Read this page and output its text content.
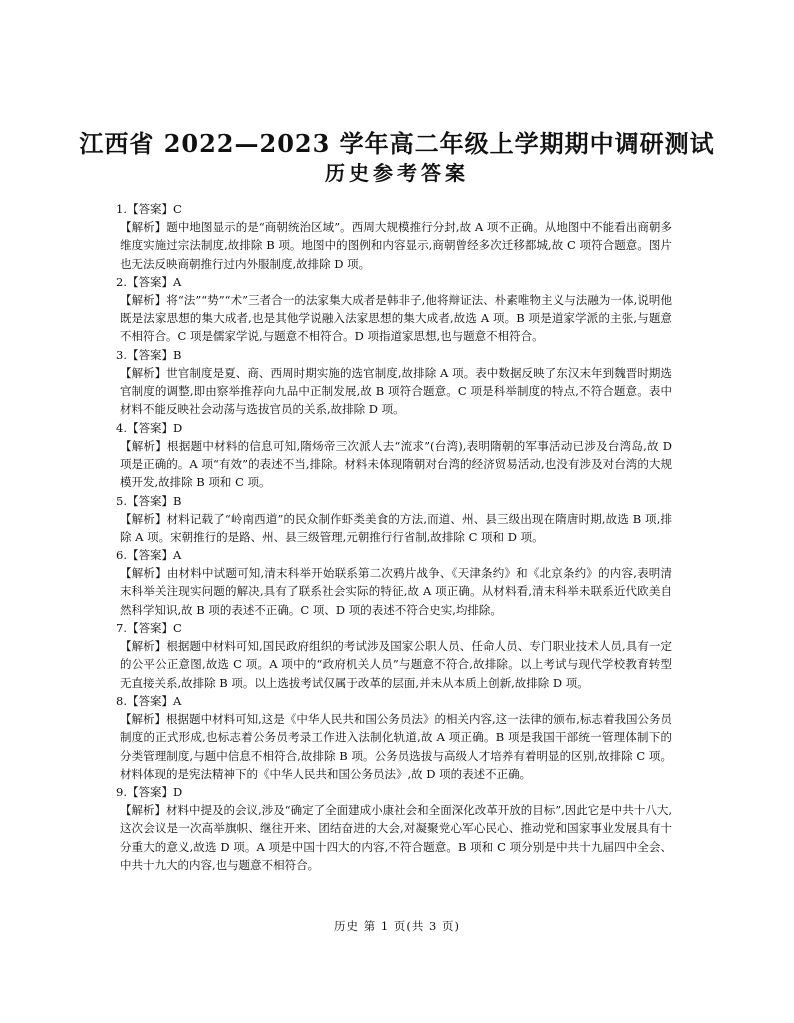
江西省 2022—2023 学年高二年级上学期期中调研测试
历史参考答案
1.【答案】C
【解析】题中地图显示的是“商朝统治区域”。西周大规模推行分封,故 A 项不正确。从地图中不能看出商朝多维度实施过宗法制度,故排除 B 项。地图中的图例和内容显示,商朝曾经多次迁移都城,故 C 项符合题意。图片也无法反映商朝推行过内外服制度,故排除 D 项。
2.【答案】A
【解析】将“法”“势”“术”三者合一的法家集大成者是韩非子,他将辩证法、朴素唯物主义与法融为一体,说明他既是法家思想的集大成者,也是其他学说融入法家思想的集大成者,故选 A 项。B 项是道家学派的主张,与题意不相符合。C 项是儒家学说,与题意不相符合。D 项指道家思想,也与题意不相符合。
3.【答案】B
【解析】世官制度是夏、商、西周时期实施的选官制度,故排除 A 项。表中数据反映了东汉末年到魏晋时期选官制度的调整,即由察举推荐向九品中正制发展,故 B 项符合题意。C 项是科举制度的特点,不符合题意。表中材料不能反映社会动荡与选拔官员的关系,故排除 D 项。
4.【答案】D
【解析】根据题中材料的信息可知,隋炀帝三次派人去“流求”(台湾),表明隋朝的军事活动已涉及台湾岛,故 D 项是正确的。A 项“有效”的表述不当,排除。材料未体现隋朝对台湾的经济贸易活动,也没有涉及对台湾的大规模开发,故排除 B 项和 C 项。
5.【答案】B
【解析】材料记载了“岭南西道”的民众制作虾类美食的方法,而道、州、县三级出现在隋唐时期,故选 B 项,排除 A 项。宋朝推行的是路、州、县三级管理,元朝推行行省制,故排除 C 项和 D 项。
6.【答案】A
【解析】由材料中试题可知,清末科举开始联系第二次鸦片战争、《天津条约》和《北京条约》的内容,表明清末科举关注现实问题的解决,具有了联系社会实际的特征,故 A 项正确。从材料看,清末科举未联系近代欧美自然科学知识,故 B 项的表述不正确。C 项、D 项的表述不符合史实,均排除。
7.【答案】C
【解析】根据题中材料可知,国民政府组织的考试涉及国家公职人员、任命人员、专门职业技术人员,具有一定的公平公正意图,故选 C 项。A 项中的“政府机关人员”与题意不符合,故排除。以上考试与现代学校教育转型无直接关系,故排除 B 项。以上选拔考试仅属于改革的层面,并未从本质上创新,故排除 D 项。
8.【答案】A
【解析】根据题中材料可知,这是《中华人民共和国公务员法》的相关内容,这一法律的颁布,标志着我国公务员制度的正式形成,也标志着公务员考录工作进入法制化轨道,故 A 项正确。B 项是我国干部统一管理体制下的分类管理制度,与题中信息不相符合,故排除 B 项。公务员选拔与高级人才培养有着明显的区别,故排除 C 项。材料体现的是宪法精神下的《中华人民共和国公务员法》,故 D 项的表述不正确。
9.【答案】D
【解析】材料中提及的会议,涉及“确定了全面建成小康社会和全面深化改革开放的目标”,因此它是中共十八大,这次会议是一次高举旗帜、继往开来、团结奋进的大会,对凝聚党心军心民心、推动党和国家事业发展具有十分重大的意义,故选 D 项。A 项是中国十四大的内容,不符合题意。B 项和 C 项分别是中共十九届四中全会、中共十九大的内容,也与题意不相符合。
历史 第 1 页(共 3 页)
